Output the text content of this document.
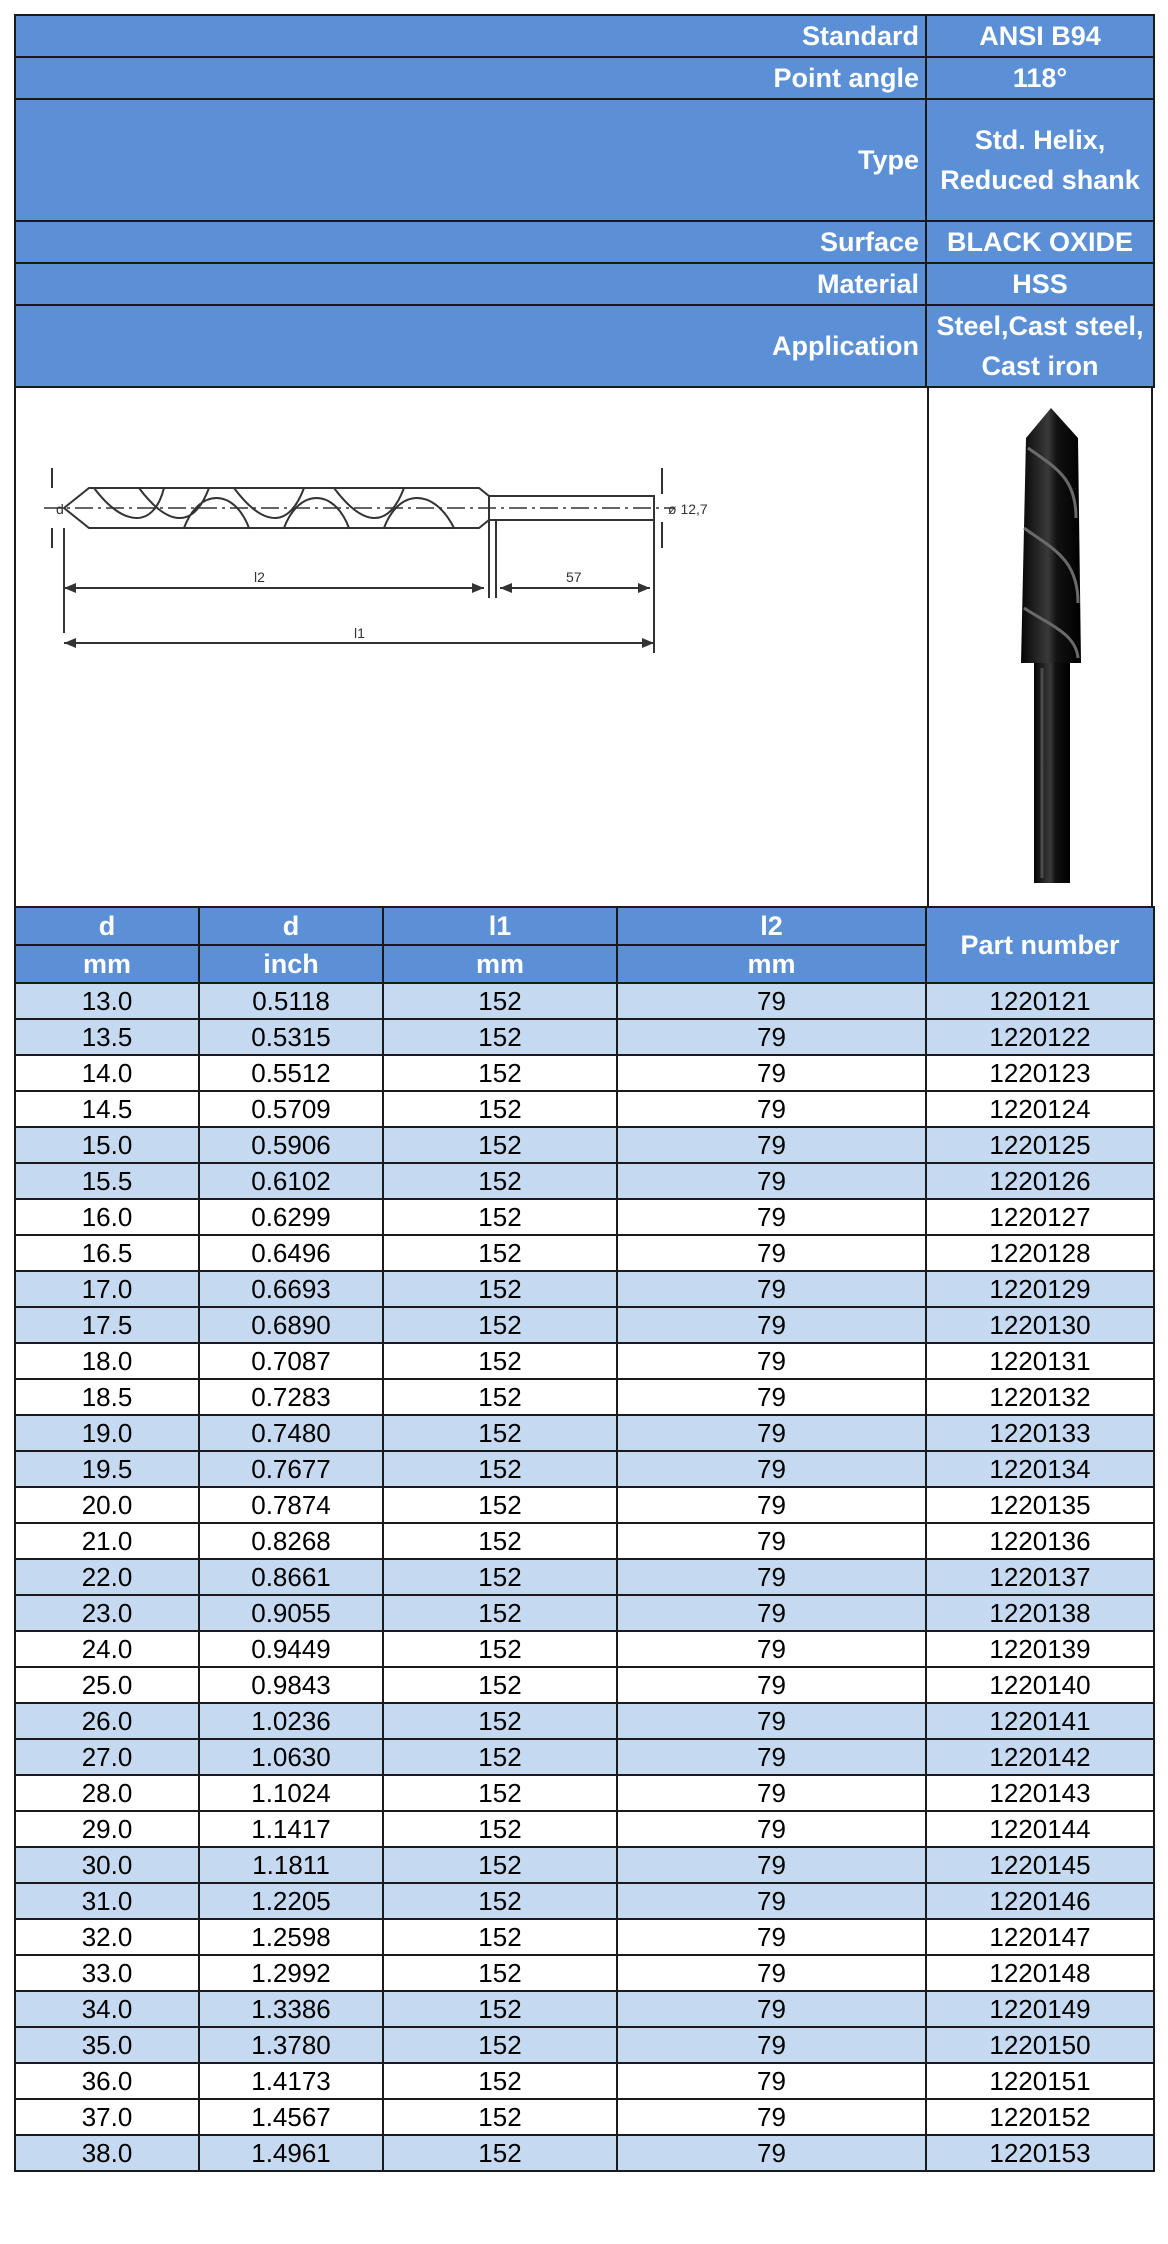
Standard	ANSI B94
Point angle	118°
Type	Std. Helix, Reduced shank
Surface	BLACK OXIDE
Material	HSS
Application	Steel,Cast steel, Cast iron
d	ø 12,7
l2	57
l1
d	d	l1	l2	Part number
mm	inch	mm	mm	
13.0	0.5118	152	79	1220121
13.5	0.5315	152	79	1220122
14.0	0.5512	152	79	1220123
14.5	0.5709	152	79	1220124
15.0	0.5906	152	79	1220125
15.5	0.6102	152	79	1220126
16.0	0.6299	152	79	1220127
16.5	0.6496	152	79	1220128
17.0	0.6693	152	79	1220129
17.5	0.6890	152	79	1220130
18.0	0.7087	152	79	1220131
18.5	0.7283	152	79	1220132
19.0	0.7480	152	79	1220133
19.5	0.7677	152	79	1220134
20.0	0.7874	152	79	1220135
21.0	0.8268	152	79	1220136
22.0	0.8661	152	79	1220137
23.0	0.9055	152	79	1220138
24.0	0.9449	152	79	1220139
25.0	0.9843	152	79	1220140
26.0	1.0236	152	79	1220141
27.0	1.0630	152	79	1220142
28.0	1.1024	152	79	1220143
29.0	1.1417	152	79	1220144
30.0	1.1811	152	79	1220145
31.0	1.2205	152	79	1220146
32.0	1.2598	152	79	1220147
33.0	1.2992	152	79	1220148
34.0	1.3386	152	79	1220149
35.0	1.3780	152	79	1220150
36.0	1.4173	152	79	1220151
37.0	1.4567	152	79	1220152
38.0	1.4961	152	79	1220153
